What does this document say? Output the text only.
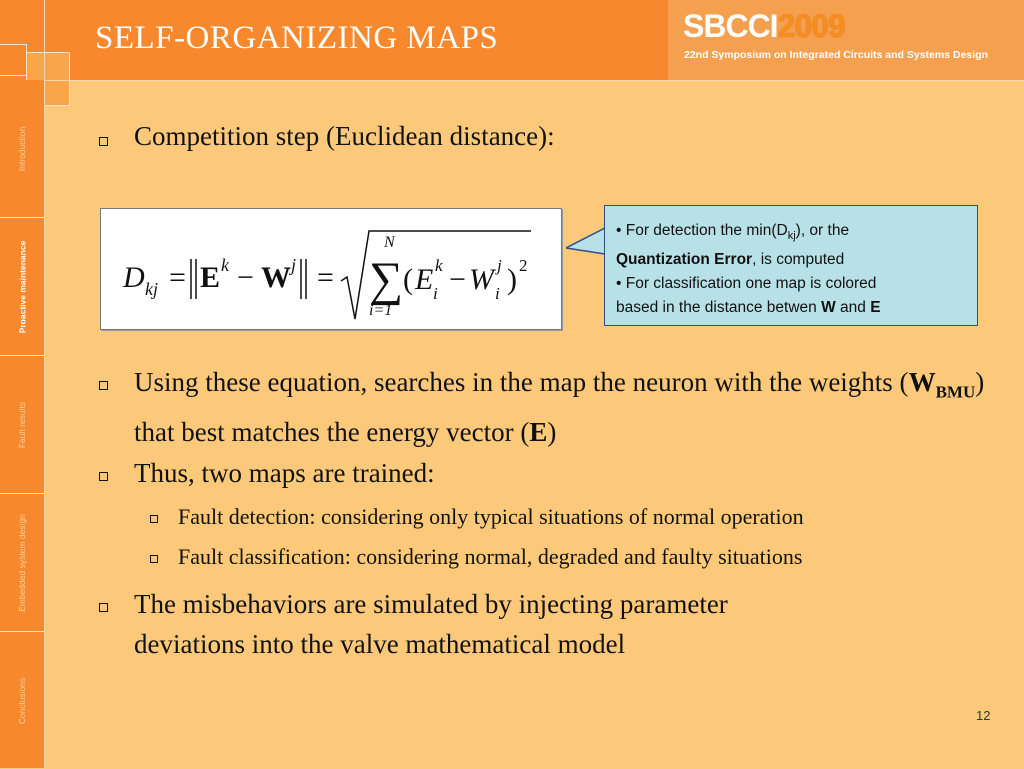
SBCCI2009
22nd Symposium on Integrated Circuits and Systems Design
SELF-ORGANIZING MAPS
Introduction
Proactive maintenance
Fault results
Embedded system design
Conclusions
Competition step (Euclidean distance):
D kj = E k − W j =
N
∑
i=1
( E k
i − W j
i ) 2
• For detection the $\min(D_{kj})$, or the
Quantization Error, is computed
• For classification one map is colored
based in the distance betwen W and E
Using these equation, searches in the map the neuron with the weights $(W_{BMU})$ that best matches the energy vector (E)
Thus, two maps are trained:
Fault detection: considering only typical situations of normal operation
Fault classification: considering normal, degraded and faulty situations
The misbehaviors are simulated by injecting parameter
deviations into the valve mathematical model
12
